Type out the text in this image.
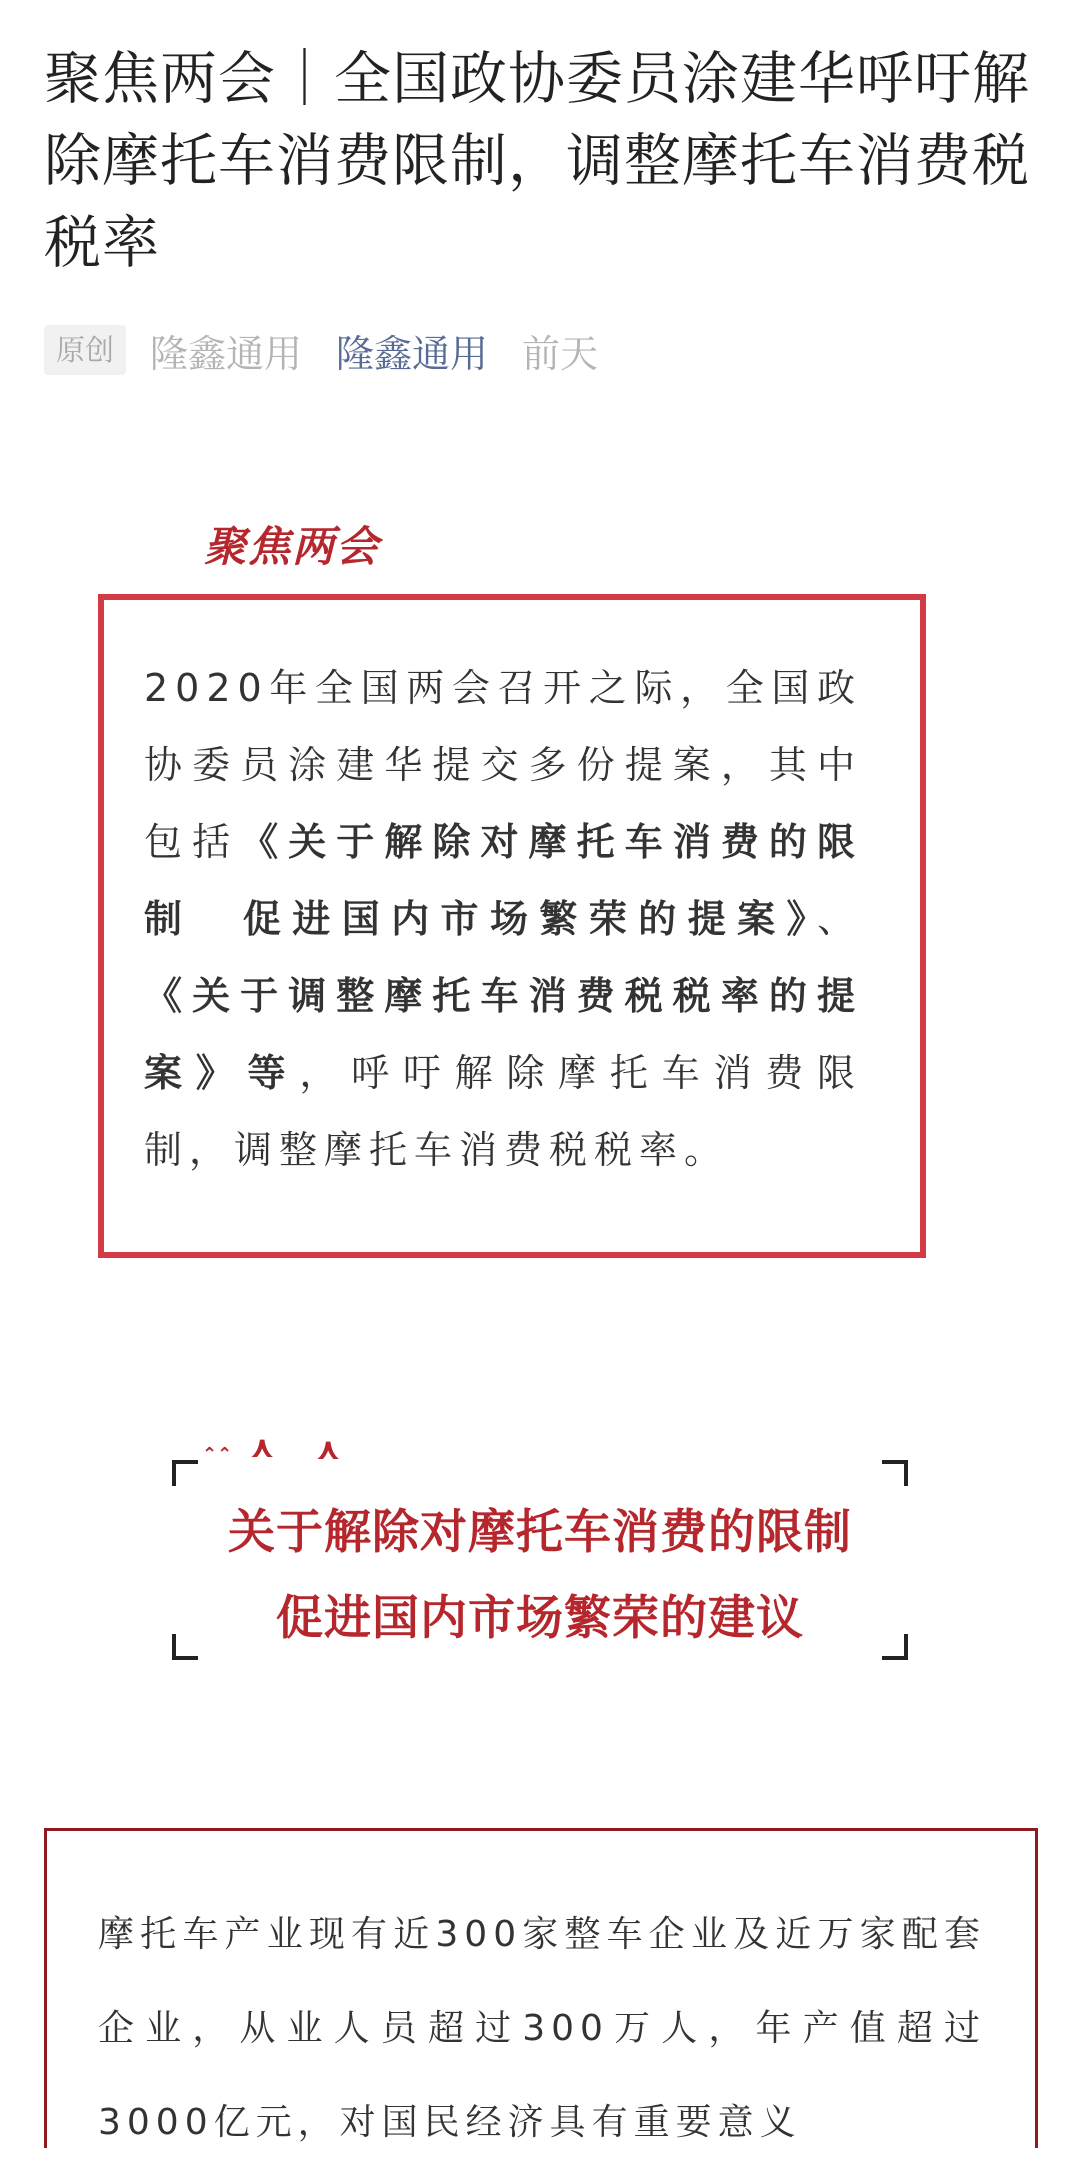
聚焦两会｜全国政协委员涂建华呼吁解除摩托车消费限制，调整摩托车消费税税率
原创 隆鑫通用 隆鑫通用 前天
聚焦两会
2020年全国两会召开之际，全国政协委员涂建华提交多份提案，其中包括《关于解除对摩托车消费的限制　促进国内市场繁荣的提案》、《关于调整摩托车消费税税率的提案》等，呼吁解除摩托车消费限制，调整摩托车消费税税率。
⌃⌃ ⋏ ⋏
关于解除对摩托车消费的限制
促进国内市场繁荣的建议
摩托车产业现有近300家整车企业及近万家配套企业，从业人员超过300万人，年产值超过3000亿元，对国民经济具有重要意义
